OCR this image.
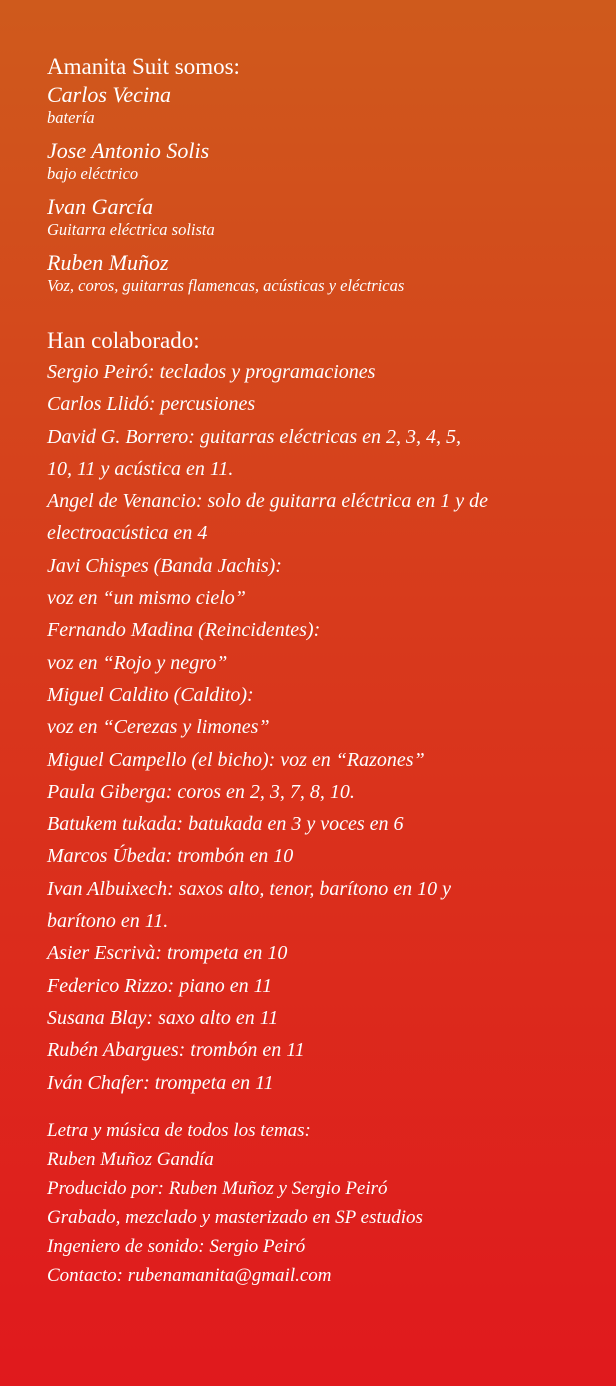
Amanita Suit somos:
Carlos Vecina
batería
Jose Antonio Solis
bajo eléctrico
Ivan García
Guitarra eléctrica solista
Ruben Muñoz
Voz, coros, guitarras flamencas, acústicas y eléctricas
Han colaborado:
Sergio Peiró: teclados y programaciones
Carlos Llidó: percusiones
David G. Borrero: guitarras eléctricas en 2, 3, 4, 5,
10, 11 y acústica en 11.
Angel de Venancio: solo de guitarra eléctrica en 1 y de
electroacústica en 4
Javi Chispes (Banda Jachis):
voz en “un mismo cielo”
Fernando Madina (Reincidentes):
voz en “Rojo y negro”
Miguel Caldito (Caldito):
voz en “Cerezas y limones”
Miguel Campello (el bicho): voz en “Razones”
Paula Giberga: coros en 2, 3, 7, 8, 10.
Batukem tukada: batukada en 3 y voces en 6
Marcos Úbeda: trombón en 10
Ivan Albuixech: saxos alto, tenor, barítono en 10 y
barítono en 11.
Asier Escrivà: trompeta en 10
Federico Rizzo: piano en 11
Susana Blay: saxo alto en 11
Rubén Abargues: trombón en 11
Iván Chafer: trompeta en 11
Letra y música de todos los temas:
Ruben Muñoz Gandía
Producido por: Ruben Muñoz y Sergio Peiró
Grabado, mezclado y masterizado en SP estudios
Ingeniero de sonido: Sergio Peiró
Contacto: rubenamanita@gmail.com
